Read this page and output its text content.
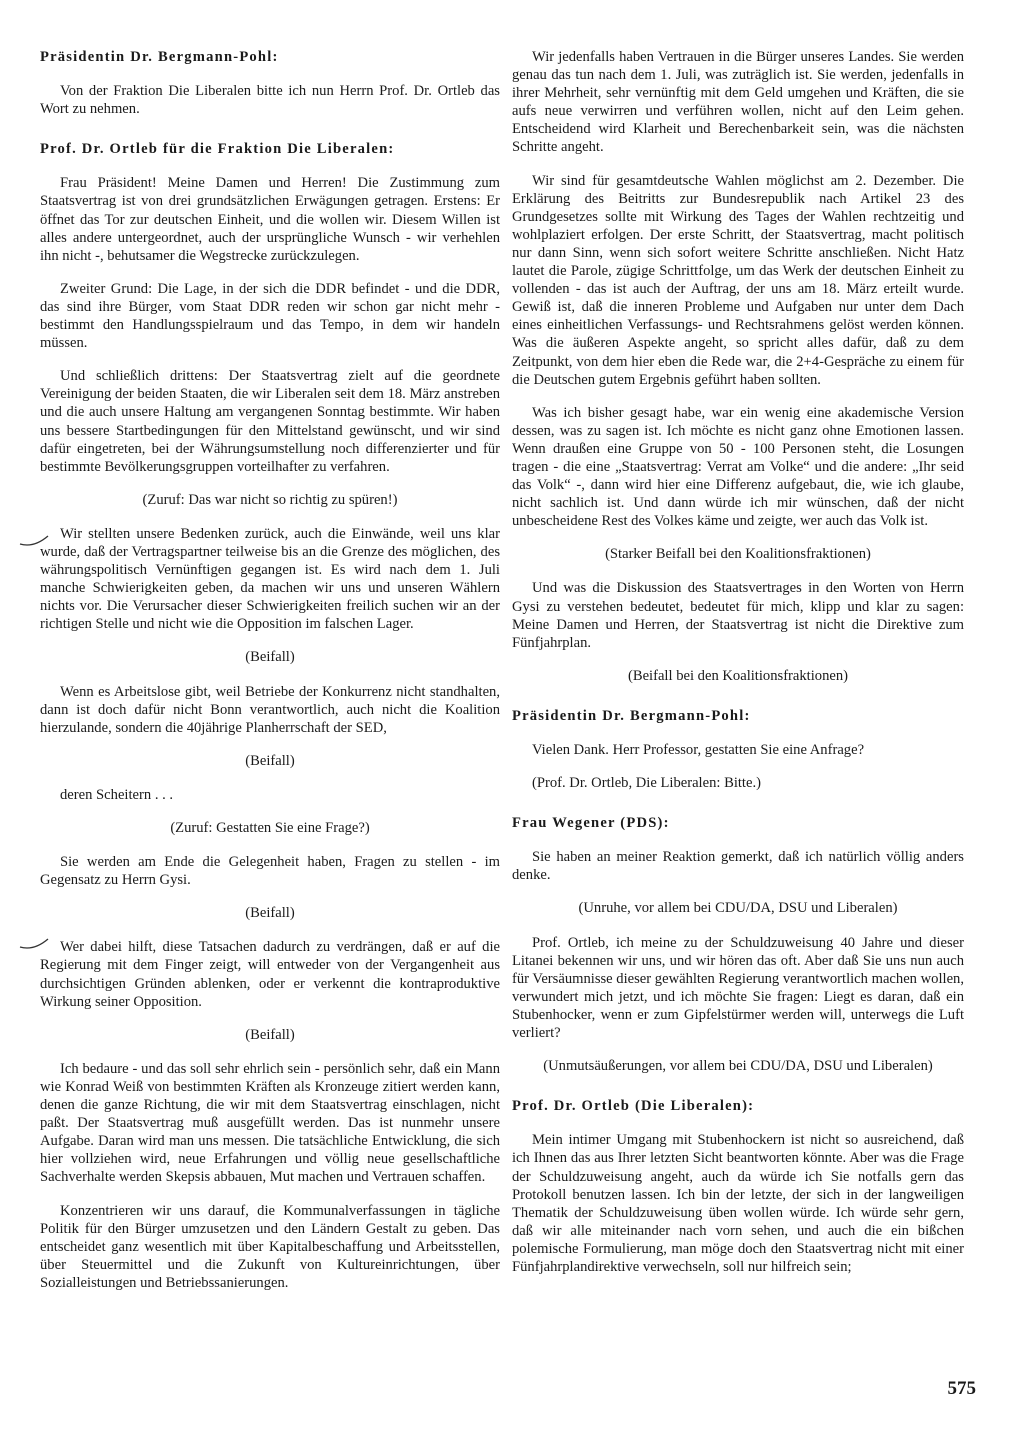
Präsidentin Dr. Bergmann-Pohl:

Von der Fraktion Die Liberalen bitte ich nun Herrn Prof. Dr. Ortleb das Wort zu nehmen.

Prof. Dr. Ortleb für die Fraktion Die Liberalen:

Frau Präsident! Meine Damen und Herren! Die Zustimmung zum Staatsvertrag ist von drei grundsätzlichen Erwägungen getragen. Erstens: Er öffnet das Tor zur deutschen Einheit, und die wollen wir. Diesem Willen ist alles andere untergeordnet, auch der ursprüngliche Wunsch - wir verhehlen ihn nicht -, behutsamer die Wegstrecke zurückzulegen.

Zweiter Grund: Die Lage, in der sich die DDR befindet - und die DDR, das sind ihre Bürger, vom Staat DDR reden wir schon gar nicht mehr - bestimmt den Handlungsspielraum und das Tempo, in dem wir handeln müssen.

Und schließlich drittens: Der Staatsvertrag zielt auf die geordnete Vereinigung der beiden Staaten, die wir Liberalen seit dem 18. März anstreben und die auch unsere Haltung am vergangenen Sonntag bestimmte. Wir haben uns bessere Startbedingungen für den Mittelstand gewünscht, und wir sind dafür eingetreten, bei der Währungsumstellung noch differenzierter und für bestimmte Bevölkerungsgruppen vorteilhafter zu verfahren.

(Zuruf: Das war nicht so richtig zu spüren!)

Wir stellten unsere Bedenken zurück, auch die Einwände, weil uns klar wurde, daß der Vertragspartner teilweise bis an die Grenze des möglichen, des währungspolitisch Vernünftigen gegangen ist. Es wird nach dem 1. Juli manche Schwierigkeiten geben, da machen wir uns und unseren Wählern nichts vor. Die Verursacher dieser Schwierigkeiten freilich suchen wir an der richtigen Stelle und nicht wie die Opposition im falschen Lager.

(Beifall)

Wenn es Arbeitslose gibt, weil Betriebe der Konkurrenz nicht standhalten, dann ist doch dafür nicht Bonn verantwortlich, auch nicht die Koalition hierzulande, sondern die 40jährige Planherrschaft der SED,

(Beifall)

deren Scheitern . . .

(Zuruf: Gestatten Sie eine Frage?)

Sie werden am Ende die Gelegenheit haben, Fragen zu stellen - im Gegensatz zu Herrn Gysi.

(Beifall)

Wer dabei hilft, diese Tatsachen dadurch zu verdrängen, daß er auf die Regierung mit dem Finger zeigt, will entweder von der Vergangenheit aus durchsichtigen Gründen ablenken, oder er verkennt die kontraproduktive Wirkung seiner Opposition.

(Beifall)

Ich bedaure - und das soll sehr ehrlich sein - persönlich sehr, daß ein Mann wie Konrad Weiß von bestimmten Kräften als Kronzeuge zitiert werden kann, denen die ganze Richtung, die wir mit dem Staatsvertrag einschlagen, nicht paßt. Der Staatsvertrag muß ausgefüllt werden. Das ist nunmehr unsere Aufgabe. Daran wird man uns messen. Die tatsächliche Entwicklung, die sich hier vollziehen wird, neue Erfahrungen und völlig neue gesellschaftliche Sachverhalte werden Skepsis abbauen, Mut machen und Vertrauen schaffen.

Konzentrieren wir uns darauf, die Kommunalverfassungen in tägliche Politik für den Bürger umzusetzen und den Ländern Gestalt zu geben. Das entscheidet ganz wesentlich mit über Kapitalbeschaffung und Arbeitsstellen, über Steuermittel und die Zukunft von Kultureinrichtungen, über Sozialleistungen und Betriebssanierungen.

Wir jedenfalls haben Vertrauen in die Bürger unseres Landes. Sie werden genau das tun nach dem 1. Juli, was zuträglich ist. Sie werden, jedenfalls in ihrer Mehrheit, sehr vernünftig mit dem Geld umgehen und Kräften, die sie aufs neue verwirren und verführen wollen, nicht auf den Leim gehen. Entscheidend wird Klarheit und Berechenbarkeit sein, was die nächsten Schritte angeht.

Wir sind für gesamtdeutsche Wahlen möglichst am 2. Dezember. Die Erklärung des Beitritts zur Bundesrepublik nach Artikel 23 des Grundgesetzes sollte mit Wirkung des Tages der Wahlen rechtzeitig und wohlplaziert erfolgen. Der erste Schritt, der Staatsvertrag, macht politisch nur dann Sinn, wenn sich sofort weitere Schritte anschließen. Nicht Hatz lautet die Parole, zügige Schrittfolge, um das Werk der deutschen Einheit zu vollenden - das ist auch der Auftrag, der uns am 18. März erteilt wurde. Gewiß ist, daß die inneren Probleme und Aufgaben nur unter dem Dach eines einheitlichen Verfassungs- und Rechtsrahmens gelöst werden können. Was die äußeren Aspekte angeht, so spricht alles dafür, daß zu dem Zeitpunkt, von dem hier eben die Rede war, die 2+4-Gespräche zu einem für die Deutschen gutem Ergebnis geführt haben sollten.

Was ich bisher gesagt habe, war ein wenig eine akademische Version dessen, was zu sagen ist. Ich möchte es nicht ganz ohne Emotionen lassen. Wenn draußen eine Gruppe von 50 - 100 Personen steht, die Losungen tragen - die eine „Staatsvertrag: Verrat am Volke“ und die andere: „Ihr seid das Volk“ -, dann wird hier eine Differenz aufgebaut, die, wie ich glaube, nicht sachlich ist. Und dann würde ich mir wünschen, daß der nicht unbescheidene Rest des Volkes käme und zeigte, wer auch das Volk ist.

(Starker Beifall bei den Koalitionsfraktionen)

Und was die Diskussion des Staatsvertrages in den Worten von Herrn Gysi zu verstehen bedeutet, bedeutet für mich, klipp und klar zu sagen: Meine Damen und Herren, der Staatsvertrag ist nicht die Direktive zum Fünfjahrplan.

(Beifall bei den Koalitionsfraktionen)

Präsidentin Dr. Bergmann-Pohl:

Vielen Dank. Herr Professor, gestatten Sie eine Anfrage?

(Prof. Dr. Ortleb, Die Liberalen: Bitte.)

Frau Wegener (PDS):

Sie haben an meiner Reaktion gemerkt, daß ich natürlich völlig anders denke.

(Unruhe, vor allem bei CDU/DA, DSU und Liberalen)

Prof. Ortleb, ich meine zu der Schuldzuweisung 40 Jahre und dieser Litanei bekennen wir uns, und wir hören das oft. Aber daß Sie uns nun auch für Versäumnisse dieser gewählten Regierung verantwortlich machen wollen, verwundert mich jetzt, und ich möchte Sie fragen: Liegt es daran, daß ein Stubenhocker, wenn er zum Gipfelstürmer werden will, unterwegs die Luft verliert?

(Unmutsäußerungen, vor allem bei CDU/DA, DSU und Liberalen)

Prof. Dr. Ortleb (Die Liberalen):

Mein intimer Umgang mit Stubenhockern ist nicht so ausreichend, daß ich Ihnen das aus Ihrer letzten Sicht beantworten könnte. Aber was die Frage der Schuldzuweisung angeht, auch da würde ich Sie notfalls gern das Protokoll benutzen lassen. Ich bin der letzte, der sich in der langweiligen Thematik der Schuldzuweisung üben wollen würde. Ich würde sehr gern, daß wir alle miteinander nach vorn sehen, und auch die ein bißchen polemische Formulierung, man möge doch den Staatsvertrag nicht mit einer Fünfjahrplandirektive verwechseln, soll nur hilfreich sein;

575
